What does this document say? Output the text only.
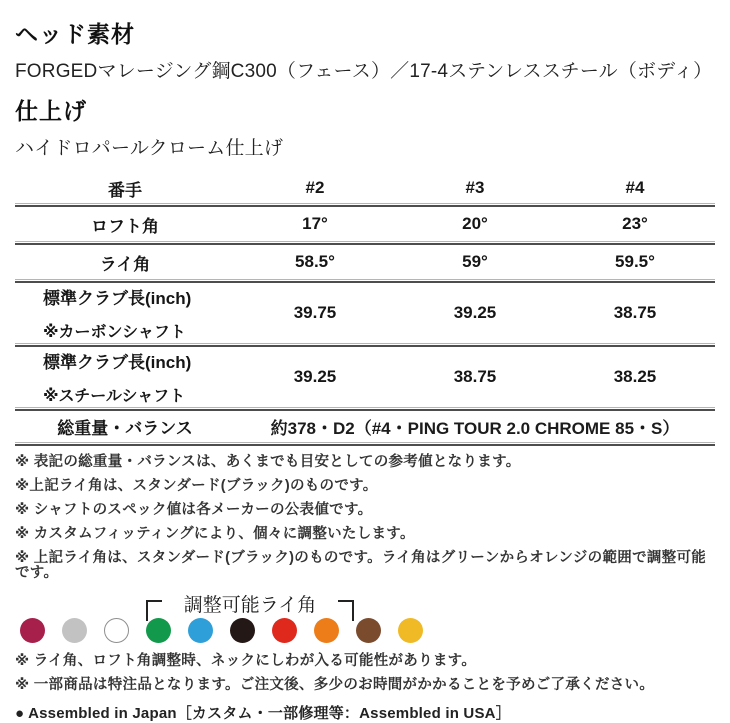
ヘッド素材
FORGEDマレージング鋼C300（フェース）／17-4ステンレススチール（ボディ）
仕上げ
ハイドロパールクローム仕上げ
番手	#2	#3	#4
ロフト角	17°	20°	23°
ライ角	58.5°	59°	59.5°
標準クラブ長(inch)
※カーボンシャフト
39.75	39.25	38.75
標準クラブ長(inch)
※スチールシャフト
39.25	38.75	38.25
総重量・バランス	約378・D2（#4・PING TOUR 2.0 CHROME 85・S）

※ 表記の総重量・バランスは、あくまでも目安としての参考値となります。

※上記ライ角は、スタンダード(ブラック)のものです。

※ シャフトのスペック値は各メーカーの公表値です。

※ カスタムフィッティングにより、個々に調整いたします。

※ 上記ライ角は、スタンダード(ブラック)のものです。ライ角はグリーンからオレンジの範囲で調整可能です。

調整可能ライ角

※ ライ角、ロフト角調整時、ネックにしわが入る可能性があります。

※ 一部商品は特注品となります。ご注文後、多少のお時間がかかることを予めご了承ください。

● Assembled in Japan［カスタム・一部修理等：Assembled in USA］
